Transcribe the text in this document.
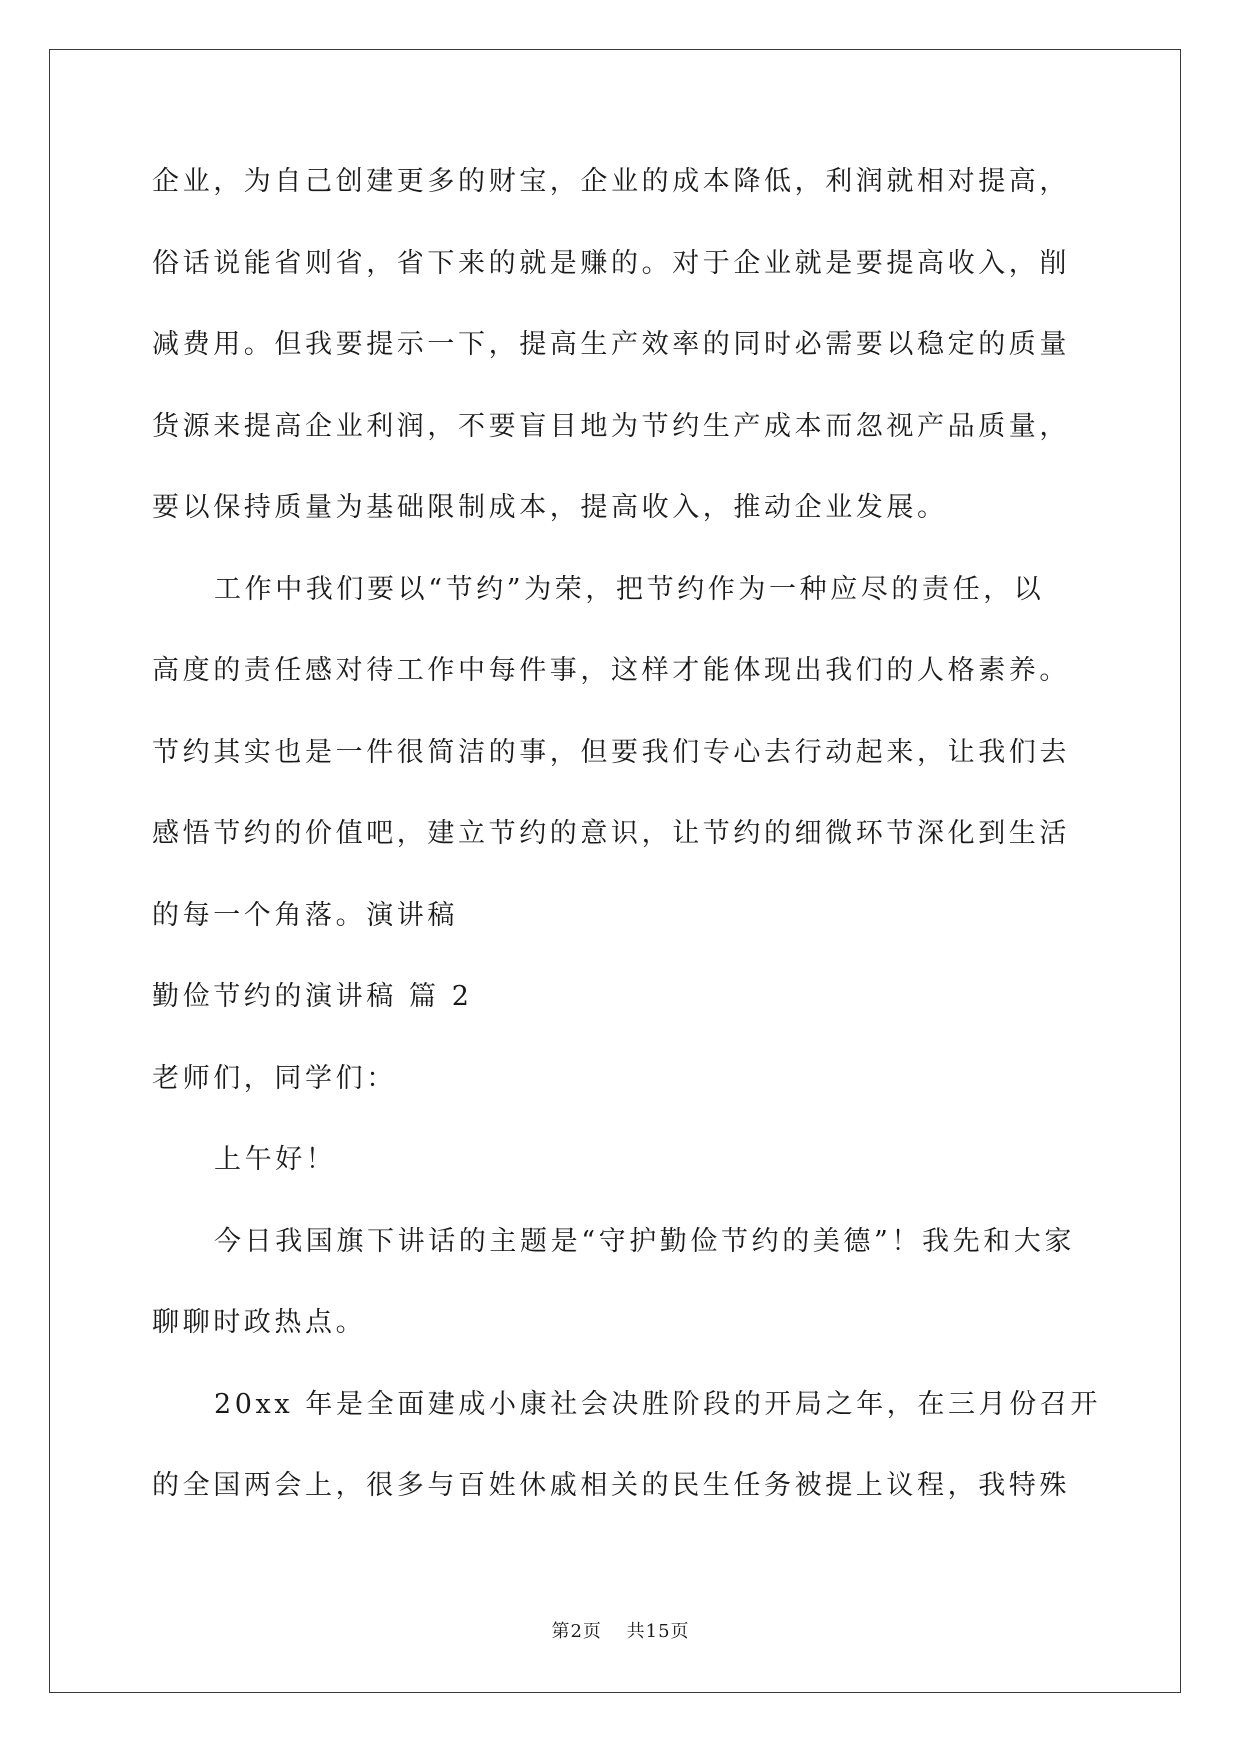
企业，为自己创建更多的财宝，企业的成本降低，利润就相对提高，
俗话说能省则省，省下来的就是赚的。对于企业就是要提高收入，削
减费用。但我要提示一下，提高生产效率的同时必需要以稳定的质量
货源来提高企业利润，不要盲目地为节约生产成本而忽视产品质量，
要以保持质量为基础限制成本，提高收入，推动企业发展。
工作中我们要以“节约”为荣，把节约作为一种应尽的责任，以
高度的责任感对待工作中每件事，这样才能体现出我们的人格素养。
节约其实也是一件很简洁的事，但要我们专心去行动起来，让我们去
感悟节约的价值吧，建立节约的意识，让节约的细微环节深化到生活
的每一个角落。演讲稿
勤俭节约的演讲稿 篇 2
老师们，同学们：
上午好！
今日我国旗下讲话的主题是“守护勤俭节约的美德”！我先和大家
聊聊时政热点。
20xx 年是全面建成小康社会决胜阶段的开局之年，在三月份召开
的全国两会上，很多与百姓休戚相关的民生任务被提上议程，我特殊
第2页 共15页
